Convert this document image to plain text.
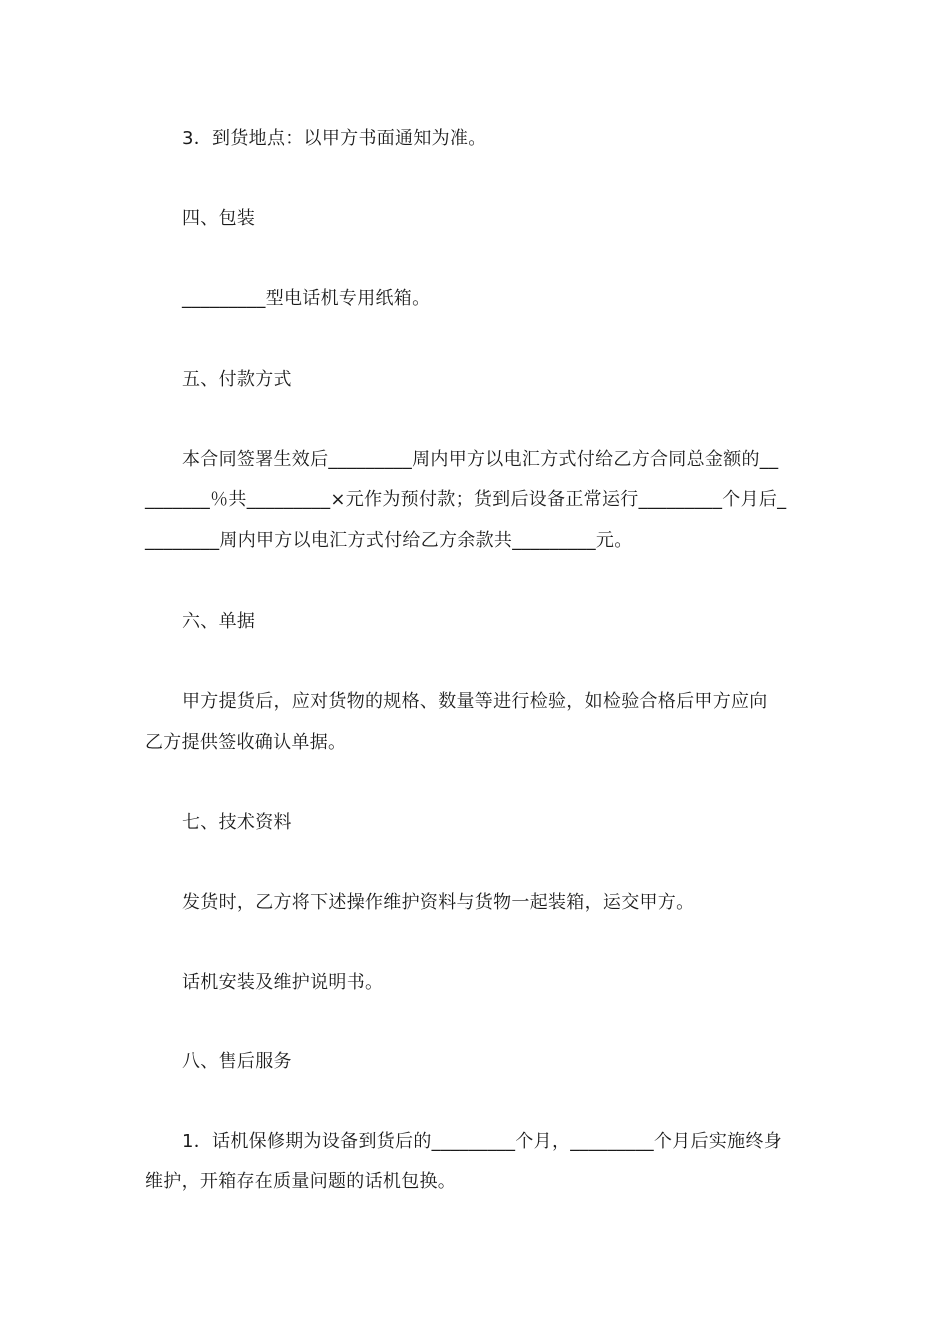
3．到货地点：以甲方书面通知为准。
四、包装
_________型电话机专用纸箱。
五、付款方式
本合同签署生效后_________周内甲方以电汇方式付给乙方合同总金额的__
_______％共_________×元作为预付款；货到后设备正常运行_________个月后_
________周内甲方以电汇方式付给乙方余款共_________元。
六、单据
甲方提货后，应对货物的规格、数量等进行检验，如检验合格后甲方应向
乙方提供签收确认单据。
七、技术资料
发货时，乙方将下述操作维护资料与货物一起装箱，运交甲方。
话机安装及维护说明书。
八、售后服务
1．话机保修期为设备到货后的_________个月，_________个月后实施终身
维护，开箱存在质量问题的话机包换。
